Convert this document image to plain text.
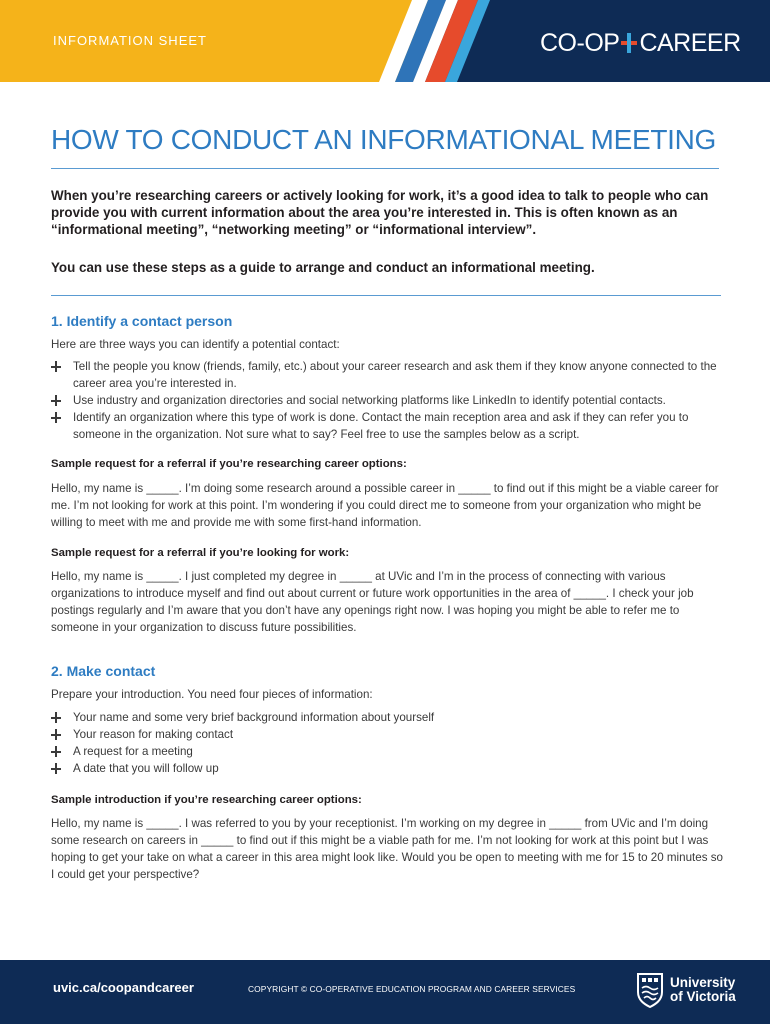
INFORMATION SHEET	CO-OP CAREER
HOW TO CONDUCT AN INFORMATIONAL MEETING

When you’re researching careers or actively looking for work, it’s a good idea to talk to people who can provide you with current information about the area you’re interested in. This is often known as an “informational meeting”, “networking meeting” or “informational interview”.

You can use these steps as a guide to arrange and conduct an informational meeting.

1. Identify a contact person

Here are three ways you can identify a potential contact:

Tell the people you know (friends, family, etc.) about your career research and ask them if they know anyone connected to the career area you’re interested in.
Use industry and organization directories and social networking platforms like LinkedIn to identify potential contacts.
Identify an organization where this type of work is done. Contact the main reception area and ask if they can refer you to someone in the organization. Not sure what to say? Feel free to use the samples below as a script.
Sample request for a referral if you’re researching career options:

Hello, my name is _____. I’m doing some research around a possible career in _____ to find out if this might be a viable career for me. I’m not looking for work at this point. I’m wondering if you could direct me to someone from your organization who might be willing to meet with me and provide me with some first-hand information.

Sample request for a referral if you’re looking for work:

Hello, my name is _____. I just completed my degree in _____ at UVic and I’m in the process of connecting with various organizations to introduce myself and find out about current or future work opportunities in the area of _____. I check your job postings regularly and I’m aware that you don’t have any openings right now. I was hoping you might be able to refer me to someone in your organization to discuss future possibilities.

2. Make contact

Prepare your introduction. You need four pieces of information:

Your name and some very brief background information about yourself
Your reason for making contact
A request for a meeting
A date that you will follow up
Sample introduction if you’re researching career options:

Hello, my name is _____. I was referred to you by your receptionist. I’m working on my degree in _____ from UVic and I’m doing some research on careers in _____ to find out if this might be a viable path for me. I’m not looking for work at this point but I was hoping to get your take on what a career in this area might look like. Would you be open to meeting with me for 15 to 20 minutes so I could get your perspective?

uvic.ca/coopandcareer	COPYRIGHT © CO-OPERATIVE EDUCATION PROGRAM AND CAREER SERVICES	University
of Victoria
